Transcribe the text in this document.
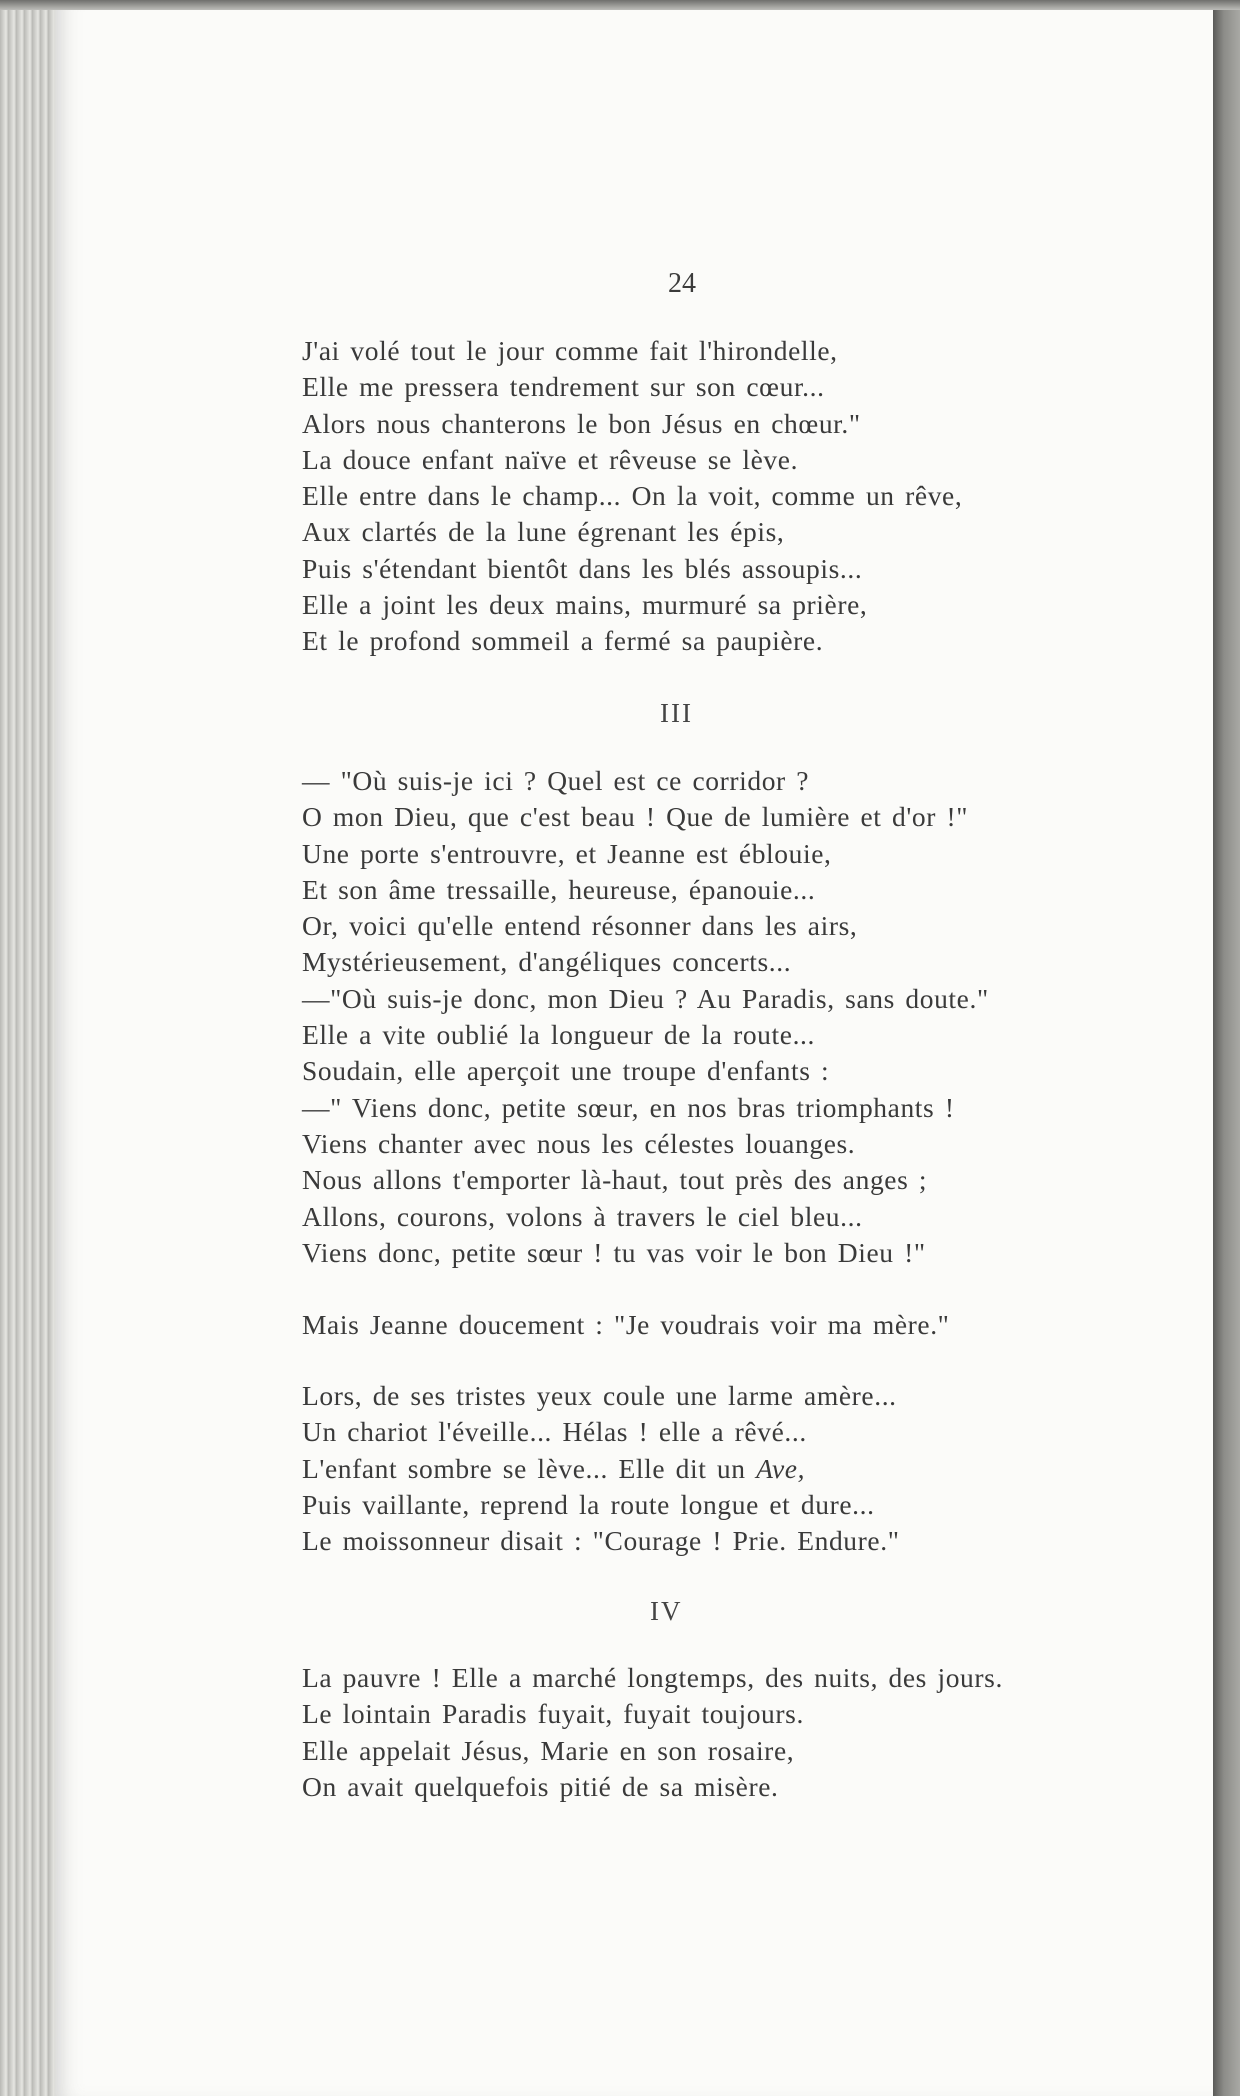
24
J'ai volé tout le jour comme fait l'hirondelle,
Elle me pressera tendrement sur son cœur...
Alors nous chanterons le bon Jésus en chœur."
La douce enfant naïve et rêveuse se lève.
Elle entre dans le champ... On la voit, comme un rêve,
Aux clartés de la lune égrenant les épis,
Puis s'étendant bientôt dans les blés assoupis...
Elle a joint les deux mains, murmuré sa prière,
Et le profond sommeil a fermé sa paupière.
III
— "Où suis-je ici ? Quel est ce corridor ?
O mon Dieu, que c'est beau ! Que de lumière et d'or !"
Une porte s'entrouvre, et Jeanne est éblouie,
Et son âme tressaille, heureuse, épanouie...
Or, voici qu'elle entend résonner dans les airs,
Mystérieusement, d'angéliques concerts...
—"Où suis-je donc, mon Dieu ? Au Paradis, sans doute."
Elle a vite oublié la longueur de la route...
Soudain, elle aperçoit une troupe d'enfants :
—" Viens donc, petite sœur, en nos bras triomphants !
Viens chanter avec nous les célestes louanges.
Nous allons t'emporter là-haut, tout près des anges ;
Allons, courons, volons à travers le ciel bleu...
Viens donc, petite sœur ! tu vas voir le bon Dieu !"
Mais Jeanne doucement : "Je voudrais voir ma mère."
Lors, de ses tristes yeux coule une larme amère...
Un chariot l'éveille... Hélas ! elle a rêvé...
L'enfant sombre se lève... Elle dit un Ave,
Puis vaillante, reprend la route longue et dure...
Le moissonneur disait : "Courage ! Prie. Endure."
IV
La pauvre ! Elle a marché longtemps, des nuits, des jours.
Le lointain Paradis fuyait, fuyait toujours.
Elle appelait Jésus, Marie en son rosaire,
On avait quelquefois pitié de sa misère.
